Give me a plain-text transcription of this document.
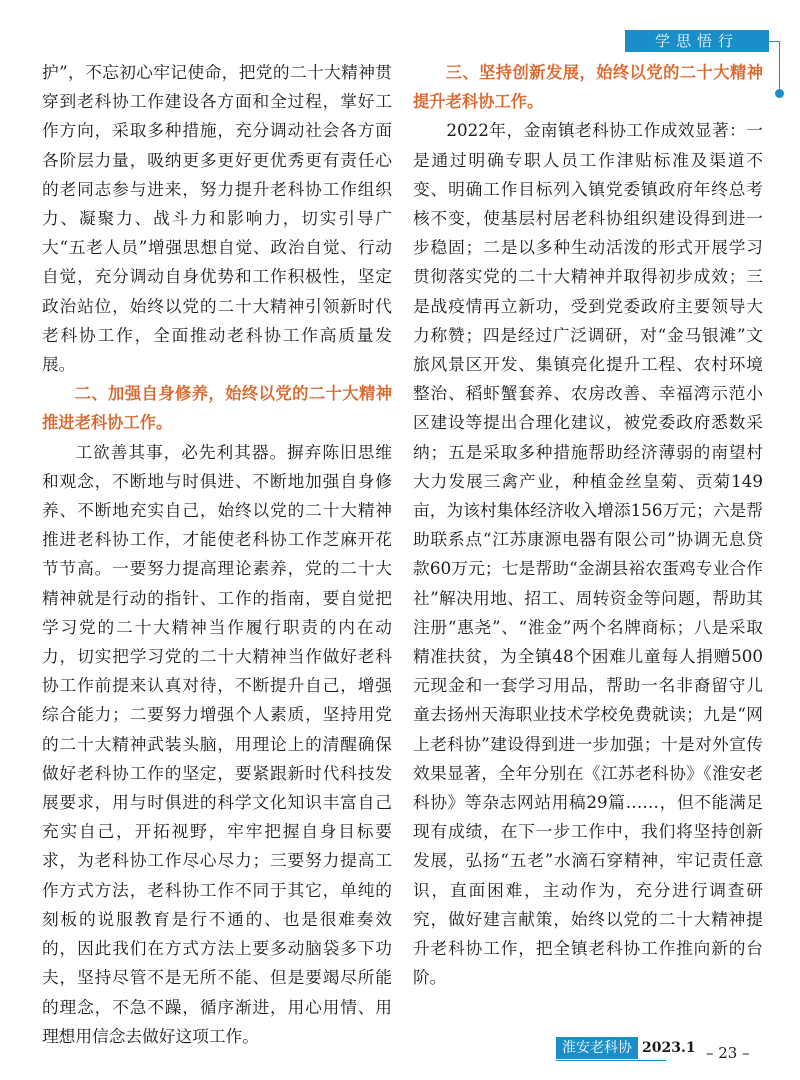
学思悟行

护”，不忘初心牢记使命，把党的二十大精神贯穿到老科协工作建设各方面和全过程，掌好工作方向，采取多种措施，充分调动社会各方面各阶层力量，吸纳更多更好更优秀更有责任心的老同志参与进来，努力提升老科协工作组织力、凝聚力、战斗力和影响力，切实引导广大“五老人员”增强思想自觉、政治自觉、行动自觉，充分调动自身优势和工作积极性，坚定政治站位，始终以党的二十大精神引领新时代老科协工作，全面推动老科协工作高质量发展。

二、加强自身修养，始终以党的二十大精神推进老科协工作。

工欲善其事，必先利其器。摒弃陈旧思维和观念，不断地与时俱进、不断地加强自身修养、不断地充实自己，始终以党的二十大精神推进老科协工作，才能使老科协工作芝麻开花节节高。一要努力提高理论素养，党的二十大精神就是行动的指针、工作的指南，要自觉把学习党的二十大精神当作履行职责的内在动力，切实把学习党的二十大精神当作做好老科协工作前提来认真对待，不断提升自己，增强综合能力；二要努力增强个人素质，坚持用党的二十大精神武装头脑，用理论上的清醒确保做好老科协工作的坚定，要紧跟新时代科技发展要求，用与时俱进的科学文化知识丰富自己充实自己，开拓视野，牢牢把握自身目标要求，为老科协工作尽心尽力；三要努力提高工作方式方法，老科协工作不同于其它，单纯的刻板的说服教育是行不通的、也是很难奏效的，因此我们在方式方法上要多动脑袋多下功夫，坚持尽管不是无所不能、但是要竭尽所能的理念，不急不躁，循序渐进，用心用情、用理想用信念去做好这项工作。

三、坚持创新发展，始终以党的二十大精神提升老科协工作。

2022年，金南镇老科协工作成效显著：一是通过明确专职人员工作津贴标准及渠道不变、明确工作目标列入镇党委镇政府年终总考核不变，使基层村居老科协组织建设得到进一步稳固；二是以多种生动活泼的形式开展学习贯彻落实党的二十大精神并取得初步成效；三是战疫情再立新功，受到党委政府主要领导大力称赞；四是经过广泛调研，对“金马银滩”文旅风景区开发、集镇亮化提升工程、农村环境整治、稻虾蟹套养、农房改善、幸福湾示范小区建设等提出合理化建议，被党委政府悉数采纳；五是采取多种措施帮助经济薄弱的南望村大力发展三禽产业，种植金丝皇菊、贡菊149亩，为该村集体经济收入增添156万元；六是帮助联系点“江苏康源电器有限公司”协调无息贷款60万元；七是帮助“金湖县裕农蛋鸡专业合作社”解决用地、招工、周转资金等问题，帮助其注册“惠尧”、“淮金”两个名牌商标；八是采取精准扶贫，为全镇48个困难儿童每人捐赠500元现金和一套学习用品，帮助一名非裔留守儿童去扬州天海职业技术学校免费就读；九是“网上老科协”建设得到进一步加强；十是对外宣传效果显著，全年分别在《江苏老科协》《淮安老科协》等杂志网站用稿29篇……，但不能满足现有成绩，在下一步工作中，我们将坚持创新发展，弘扬“五老”水滴石穿精神，牢记责任意识，直面困难，主动作为，充分进行调查研究，做好建言献策，始终以党的二十大精神提升老科协工作，把全镇老科协工作推向新的台阶。

淮安老科协 2023.1 – 23 –
